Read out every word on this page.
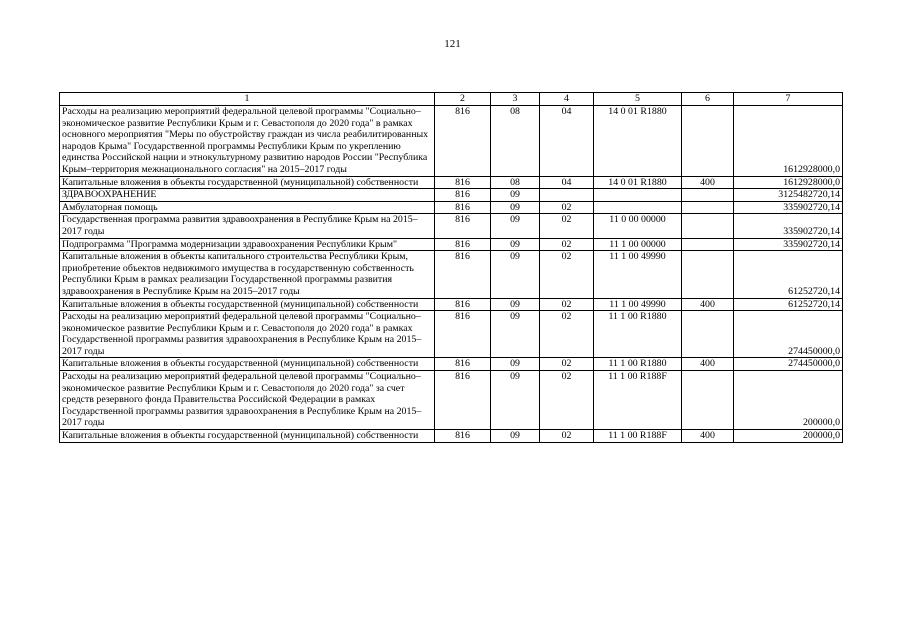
121
1	2	3	4	5	6	7
Расходы на реализацию мероприятий федеральной целевой программы "Социально–экономическое развитие Республики Крым и г. Севастополя до 2020 года" в рамках основного мероприятия "Меры по обустройству граждан из числа реабилитированных народов Крыма" Государственной программы Республики Крым по укреплению единства Российской нации и этнокультурному развитию народов России "Республика Крым–территория межнационального согласия" на 2015–2017 годы	816	08	04	14 0 01 R1880		1612928000,0
Капитальные вложения в объекты государственной (муниципальной) собственности	816	08	04	14 0 01 R1880	400	1612928000,0
ЗДРАВООХРАНЕНИЕ	816	09				3125482720,14
Амбулаторная помощь	816	09	02			335902720,14
Государственная программа развития здравоохранения в Республике Крым на 2015–2017 годы	816	09	02	11 0 00 00000		335902720,14
Подпрограмма "Программа модернизации здравоохранения Республики Крым"	816	09	02	11 1 00 00000		335902720,14
Капитальные вложения в объекты капитального строительства Республики Крым, приобретение объектов недвижимого имущества в государственную собственность Республики Крым в рамках реализации Государственной программы развития здравоохранения в Республике Крым на 2015–2017 годы	816	09	02	11 1 00 49990		61252720,14
Капитальные вложения в объекты государственной (муниципальной) собственности	816	09	02	11 1 00 49990	400	61252720,14
Расходы на реализацию мероприятий федеральной целевой программы "Социально–экономическое развитие Республики Крым и г. Севастополя до 2020 года" в рамках Государственной программы развития здравоохранения в Республике Крым на 2015–2017 годы	816	09	02	11 1 00 R1880		274450000,0
Капитальные вложения в объекты государственной (муниципальной) собственности	816	09	02	11 1 00 R1880	400	274450000,0
Расходы на реализацию мероприятий федеральной целевой программы "Социально–экономическое развитие Республики Крым и г. Севастополя до 2020 года" за счет средств резервного фонда Правительства Российской Федерации в рамках Государственной программы развития здравоохранения в Республике Крым на 2015–2017 годы	816	09	02	11 1 00 R188F		200000,0
Капитальные вложения в объекты государственной (муниципальной) собственности	816	09	02	11 1 00 R188F	400	200000,0
